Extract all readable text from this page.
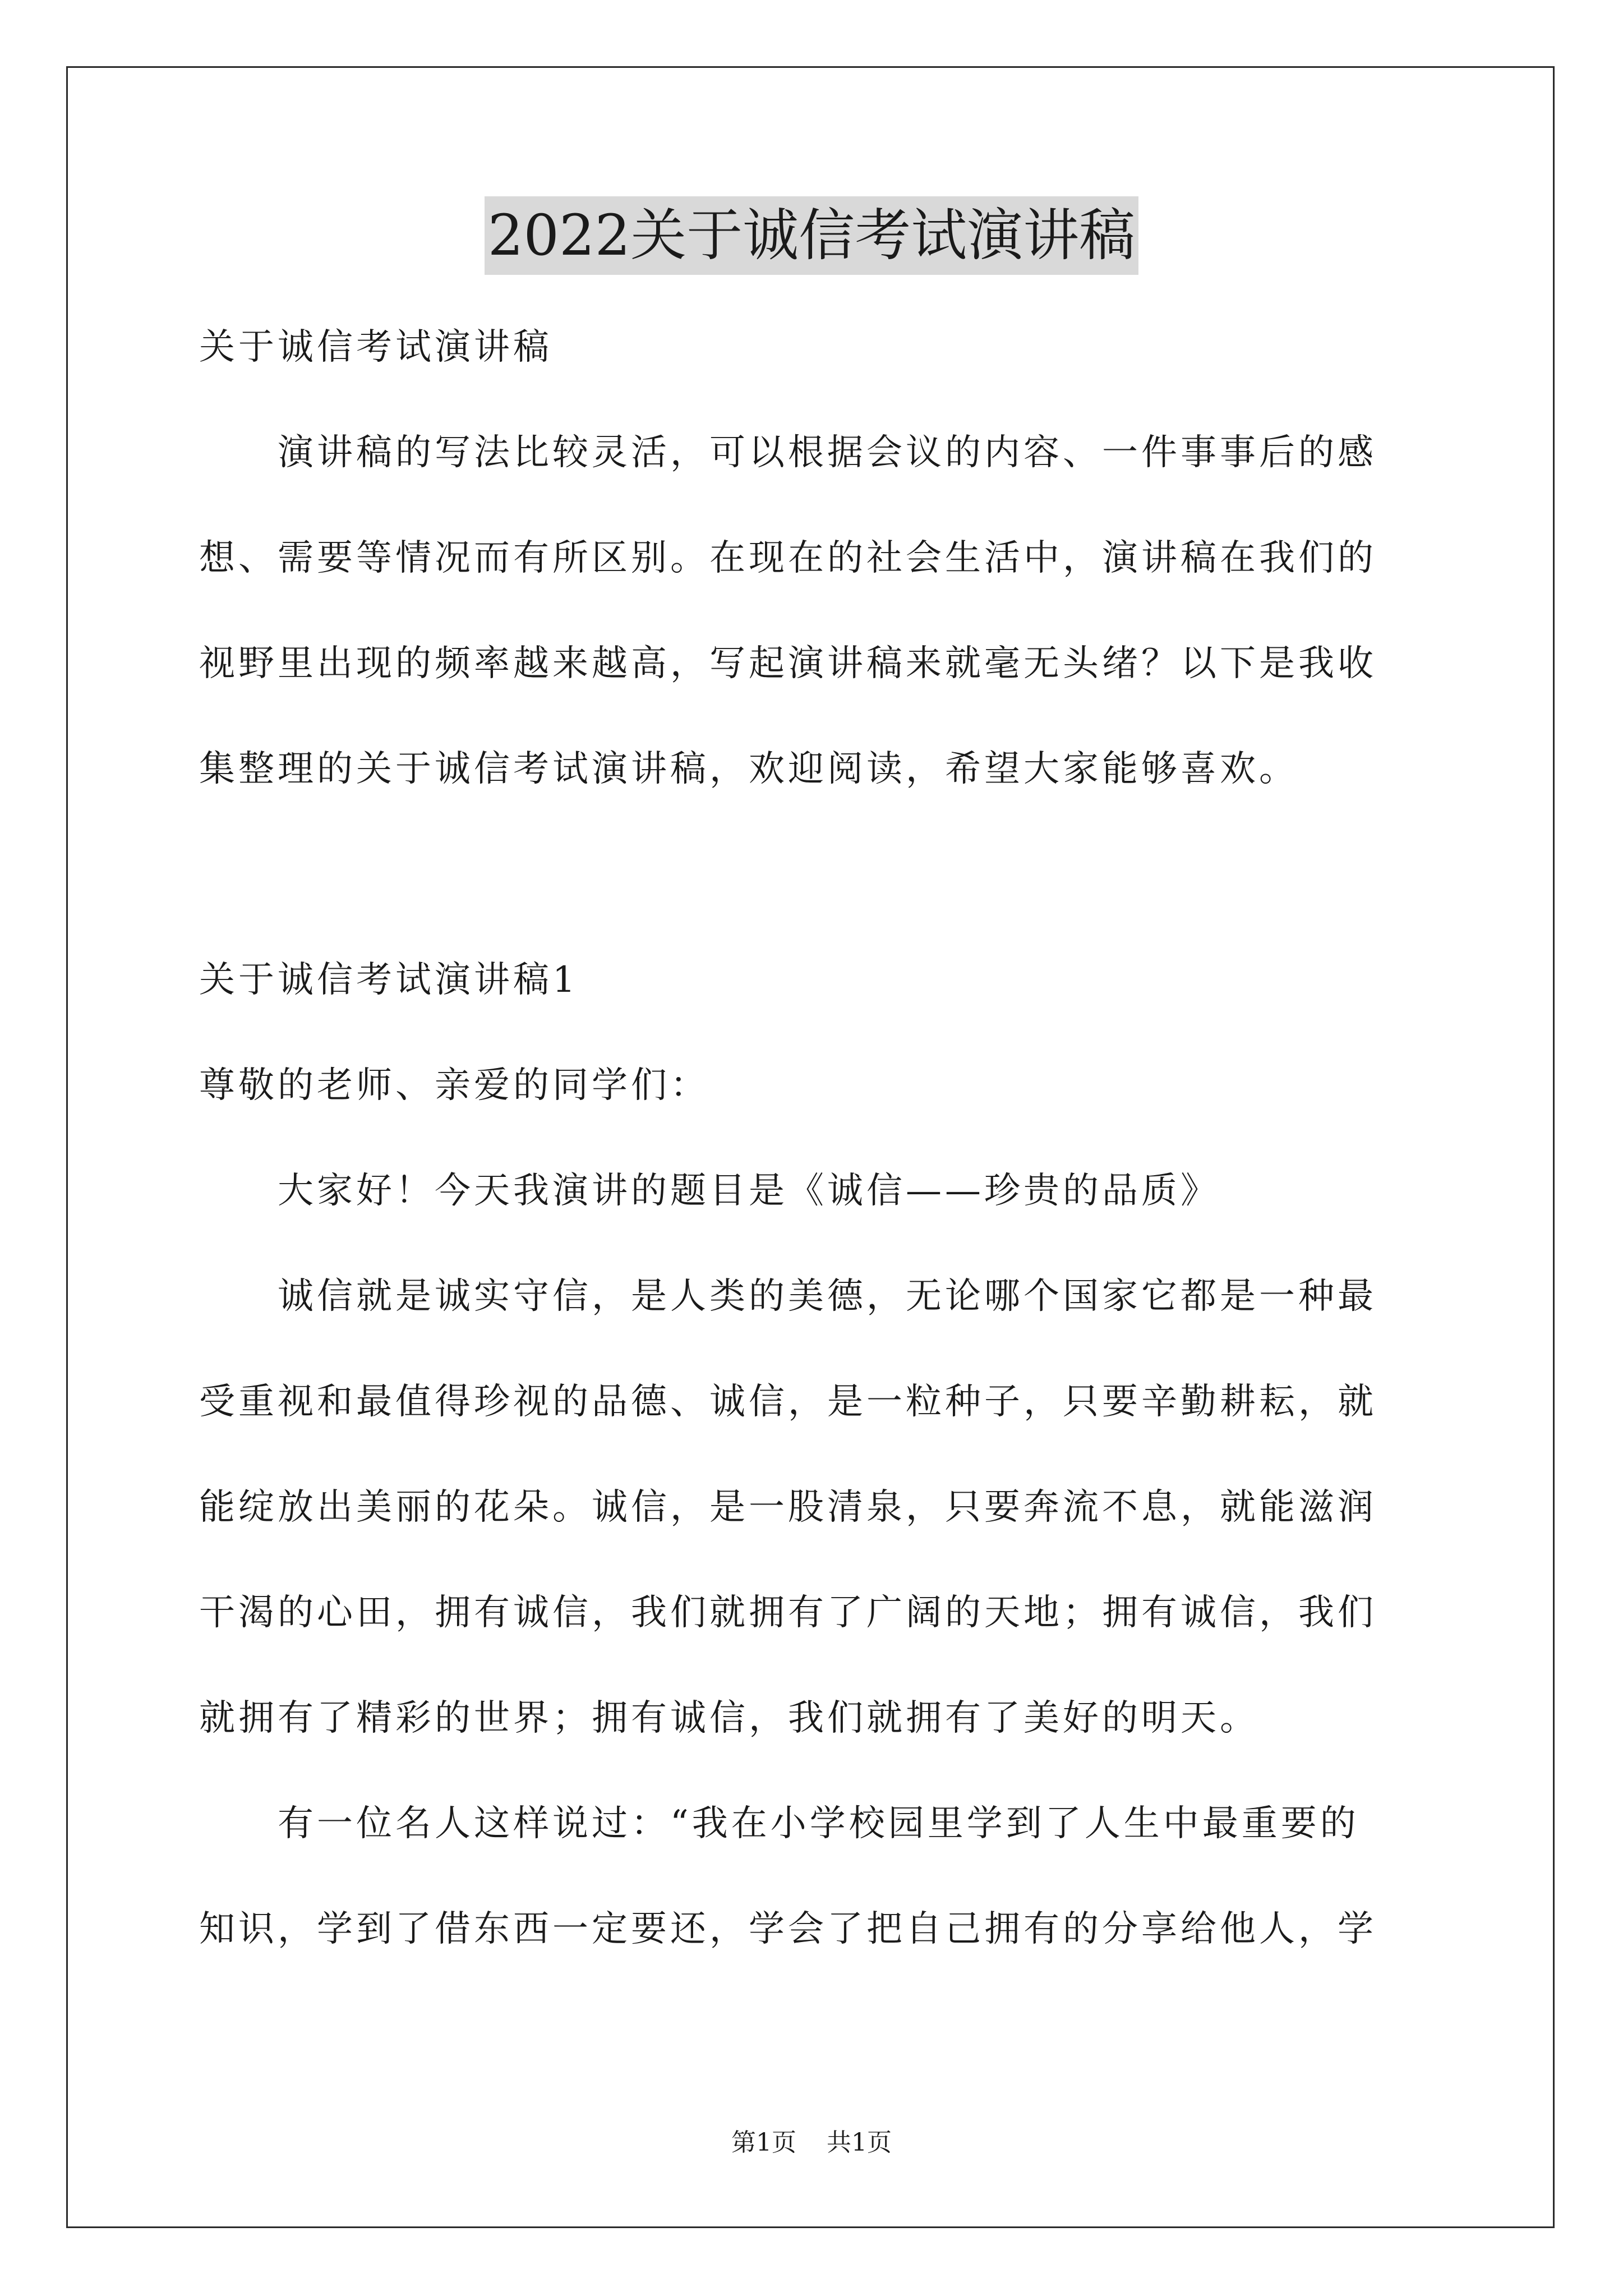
2022关于诚信考试演讲稿
关于诚信考试演讲稿
演讲稿的写法比较灵活，可以根据会议的内容、一件事事后的感
想、需要等情况而有所区别。在现在的社会生活中，演讲稿在我们的
视野里出现的频率越来越高，写起演讲稿来就毫无头绪？以下是我收
集整理的关于诚信考试演讲稿，欢迎阅读，希望大家能够喜欢。
关于诚信考试演讲稿1
尊敬的老师、亲爱的同学们：
大家好！今天我演讲的题目是《诚信——珍贵的品质》
诚信就是诚实守信，是人类的美德，无论哪个国家它都是一种最
受重视和最值得珍视的品德、诚信，是一粒种子，只要辛勤耕耘，就
能绽放出美丽的花朵。诚信，是一股清泉，只要奔流不息，就能滋润
干渴的心田，拥有诚信，我们就拥有了广阔的天地；拥有诚信，我们
就拥有了精彩的世界；拥有诚信，我们就拥有了美好的明天。
有一位名人这样说过：“我在小学校园里学到了人生中最重要的
知识，学到了借东西一定要还，学会了把自己拥有的分享给他人，学
第1页 共1页
